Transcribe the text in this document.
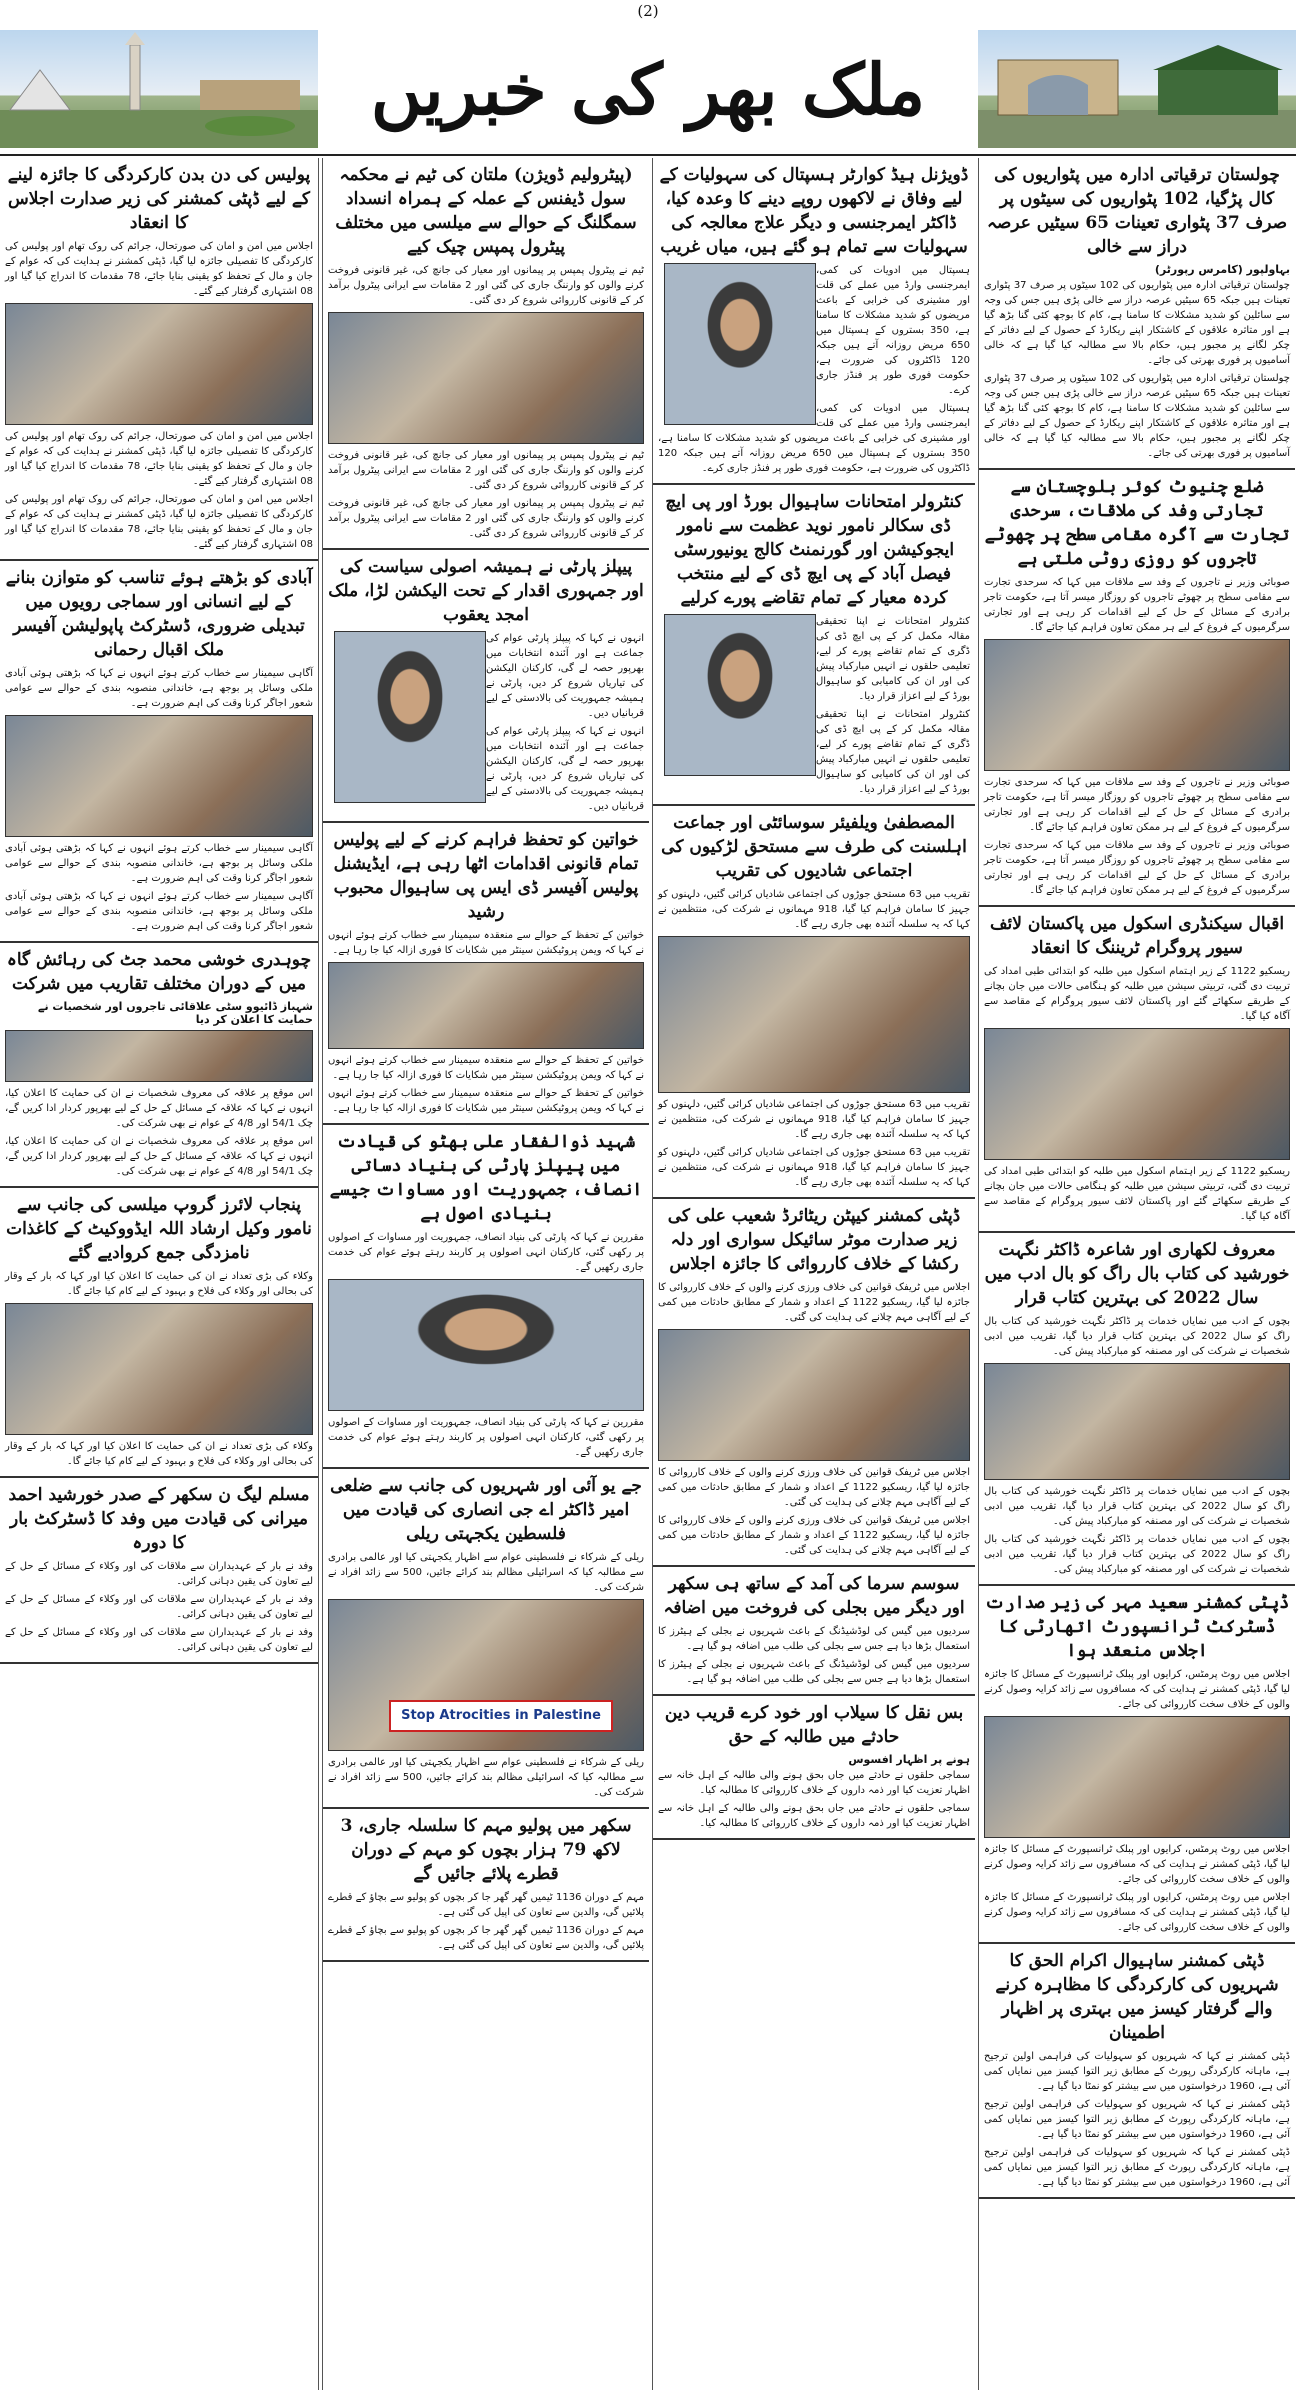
(2)
ملک بھر کی خبریں
چولستان ترقیاتی ادارہ میں پٹواریوں کی کال پڑگیا، 102 پٹواریوں کی سیٹوں پر صرف 37 پٹواری تعینات 65 سیٹیں عرصہ دراز سے خالی
بہاولپور (کامرس رپورٹر)

چولستان ترقیاتی ادارہ میں پٹواریوں کی 102 سیٹوں پر صرف 37 پٹواری تعینات ہیں جبکہ 65 سیٹیں عرصہ دراز سے خالی پڑی ہیں جس کی وجہ سے سائلین کو شدید مشکلات کا سامنا ہے، کام کا بوجھ کئی گنا بڑھ گیا ہے اور متاثرہ علاقوں کے کاشتکار اپنے ریکارڈ کے حصول کے لیے دفاتر کے چکر لگانے پر مجبور ہیں، حکام بالا سے مطالبہ کیا گیا ہے کہ خالی آسامیوں پر فوری بھرتی کی جائے۔

چولستان ترقیاتی ادارہ میں پٹواریوں کی 102 سیٹوں پر صرف 37 پٹواری تعینات ہیں جبکہ 65 سیٹیں عرصہ دراز سے خالی پڑی ہیں جس کی وجہ سے سائلین کو شدید مشکلات کا سامنا ہے، کام کا بوجھ کئی گنا بڑھ گیا ہے اور متاثرہ علاقوں کے کاشتکار اپنے ریکارڈ کے حصول کے لیے دفاتر کے چکر لگانے پر مجبور ہیں، حکام بالا سے مطالبہ کیا گیا ہے کہ خالی آسامیوں پر فوری بھرتی کی جائے۔

ضلع چنیوٹ کوئر بلوچستان سے تجارتی وفد کی ملاقات، سرحدی تجارت سے آگرہ مقامی سطح پر چھوٹے تاجروں کو روزی روٹی ملتی ہے

صوبائی وزیر نے تاجروں کے وفد سے ملاقات میں کہا کہ سرحدی تجارت سے مقامی سطح پر چھوٹے تاجروں کو روزگار میسر آتا ہے، حکومت تاجر برادری کے مسائل کے حل کے لیے اقدامات کر رہی ہے اور تجارتی سرگرمیوں کے فروغ کے لیے ہر ممکن تعاون فراہم کیا جائے گا۔

صوبائی وزیر نے تاجروں کے وفد سے ملاقات میں کہا کہ سرحدی تجارت سے مقامی سطح پر چھوٹے تاجروں کو روزگار میسر آتا ہے، حکومت تاجر برادری کے مسائل کے حل کے لیے اقدامات کر رہی ہے اور تجارتی سرگرمیوں کے فروغ کے لیے ہر ممکن تعاون فراہم کیا جائے گا۔

صوبائی وزیر نے تاجروں کے وفد سے ملاقات میں کہا کہ سرحدی تجارت سے مقامی سطح پر چھوٹے تاجروں کو روزگار میسر آتا ہے، حکومت تاجر برادری کے مسائل کے حل کے لیے اقدامات کر رہی ہے اور تجارتی سرگرمیوں کے فروغ کے لیے ہر ممکن تعاون فراہم کیا جائے گا۔

اقبال سیکنڈری اسکول میں پاکستان لائف سیور پروگرام ٹریننگ کا انعقاد

ریسکیو 1122 کے زیر اہتمام اسکول میں طلبہ کو ابتدائی طبی امداد کی تربیت دی گئی، تربیتی سیشن میں طلبہ کو ہنگامی حالات میں جان بچانے کے طریقے سکھائے گئے اور پاکستان لائف سیور پروگرام کے مقاصد سے آگاہ کیا گیا۔

ریسکیو 1122 کے زیر اہتمام اسکول میں طلبہ کو ابتدائی طبی امداد کی تربیت دی گئی، تربیتی سیشن میں طلبہ کو ہنگامی حالات میں جان بچانے کے طریقے سکھائے گئے اور پاکستان لائف سیور پروگرام کے مقاصد سے آگاہ کیا گیا۔

معروف لکھاری اور شاعرہ ڈاکٹر نگہت خورشید کی کتاب بال راگ کو بال ادب میں سال 2022 کی بہترین کتاب قرار

بچوں کے ادب میں نمایاں خدمات پر ڈاکٹر نگہت خورشید کی کتاب بال راگ کو سال 2022 کی بہترین کتاب قرار دیا گیا، تقریب میں ادبی شخصیات نے شرکت کی اور مصنفہ کو مبارکباد پیش کی۔

بچوں کے ادب میں نمایاں خدمات پر ڈاکٹر نگہت خورشید کی کتاب بال راگ کو سال 2022 کی بہترین کتاب قرار دیا گیا، تقریب میں ادبی شخصیات نے شرکت کی اور مصنفہ کو مبارکباد پیش کی۔

بچوں کے ادب میں نمایاں خدمات پر ڈاکٹر نگہت خورشید کی کتاب بال راگ کو سال 2022 کی بہترین کتاب قرار دیا گیا، تقریب میں ادبی شخصیات نے شرکت کی اور مصنفہ کو مبارکباد پیش کی۔

ڈپٹی کمشنر سعید مہر کی زیر صدارت ڈسٹرکٹ ٹرانسپورٹ اتھارٹی کا اجلاس منعقد ہوا

اجلاس میں روٹ پرمٹس، کرایوں اور پبلک ٹرانسپورٹ کے مسائل کا جائزہ لیا گیا، ڈپٹی کمشنر نے ہدایت کی کہ مسافروں سے زائد کرایہ وصول کرنے والوں کے خلاف سخت کارروائی کی جائے۔

اجلاس میں روٹ پرمٹس، کرایوں اور پبلک ٹرانسپورٹ کے مسائل کا جائزہ لیا گیا، ڈپٹی کمشنر نے ہدایت کی کہ مسافروں سے زائد کرایہ وصول کرنے والوں کے خلاف سخت کارروائی کی جائے۔

اجلاس میں روٹ پرمٹس، کرایوں اور پبلک ٹرانسپورٹ کے مسائل کا جائزہ لیا گیا، ڈپٹی کمشنر نے ہدایت کی کہ مسافروں سے زائد کرایہ وصول کرنے والوں کے خلاف سخت کارروائی کی جائے۔

ڈپٹی کمشنر ساہیوال اکرام الحق کا شہریوں کی کارکردگی کا مظاہرہ کرنے والے گرفتار کیسز میں بہتری پر اظہار اطمینان

ڈپٹی کمشنر نے کہا کہ شہریوں کو سہولیات کی فراہمی اولین ترجیح ہے، ماہانہ کارکردگی رپورٹ کے مطابق زیر التوا کیسز میں نمایاں کمی آئی ہے، 1960 درخواستوں میں سے بیشتر کو نمٹا دیا گیا ہے۔

ڈپٹی کمشنر نے کہا کہ شہریوں کو سہولیات کی فراہمی اولین ترجیح ہے، ماہانہ کارکردگی رپورٹ کے مطابق زیر التوا کیسز میں نمایاں کمی آئی ہے، 1960 درخواستوں میں سے بیشتر کو نمٹا دیا گیا ہے۔

ڈپٹی کمشنر نے کہا کہ شہریوں کو سہولیات کی فراہمی اولین ترجیح ہے، ماہانہ کارکردگی رپورٹ کے مطابق زیر التوا کیسز میں نمایاں کمی آئی ہے، 1960 درخواستوں میں سے بیشتر کو نمٹا دیا گیا ہے۔

ڈویژنل ہیڈ کوارٹر ہسپتال کی سہولیات کے لیے وفاق نے لاکھوں روپے دینے کا وعدہ کیا، ڈاکٹر ایمرجنسی و دیگر علاج معالجہ کی سہولیات سے تمام ہو گئے ہیں، میاں غریب

ہسپتال میں ادویات کی کمی، ایمرجنسی وارڈ میں عملے کی قلت اور مشینری کی خرابی کے باعث مریضوں کو شدید مشکلات کا سامنا ہے، 350 بستروں کے ہسپتال میں 650 مریض روزانہ آتے ہیں جبکہ 120 ڈاکٹروں کی ضرورت ہے، حکومت فوری طور پر فنڈز جاری کرے۔

ہسپتال میں ادویات کی کمی، ایمرجنسی وارڈ میں عملے کی قلت اور مشینری کی خرابی کے باعث مریضوں کو شدید مشکلات کا سامنا ہے، 350 بستروں کے ہسپتال میں 650 مریض روزانہ آتے ہیں جبکہ 120 ڈاکٹروں کی ضرورت ہے، حکومت فوری طور پر فنڈز جاری کرے۔

کنٹرولر امتحانات ساہیوال بورڈ اور پی ایچ ڈی سکالر نامور نوید عظمت سے نامور ایجوکیشن اور گورنمنٹ کالج یونیورسٹی فیصل آباد کے پی ایچ ڈی کے لیے منتخب کردہ معیار کے تمام تقاضے پورے کرلیے

کنٹرولر امتحانات نے اپنا تحقیقی مقالہ مکمل کر کے پی ایچ ڈی کی ڈگری کے تمام تقاضے پورے کر لیے، تعلیمی حلقوں نے انہیں مبارکباد پیش کی اور ان کی کامیابی کو ساہیوال بورڈ کے لیے اعزاز قرار دیا۔

کنٹرولر امتحانات نے اپنا تحقیقی مقالہ مکمل کر کے پی ایچ ڈی کی ڈگری کے تمام تقاضے پورے کر لیے، تعلیمی حلقوں نے انہیں مبارکباد پیش کی اور ان کی کامیابی کو ساہیوال بورڈ کے لیے اعزاز قرار دیا۔

المصطفیٰ ویلفیئر سوسائٹی اور جماعت اہلسنت کی طرف سے مستحق لڑکیوں کی اجتماعی شادیوں کی تقریب

تقریب میں 63 مستحق جوڑوں کی اجتماعی شادیاں کرائی گئیں، دلہنوں کو جہیز کا سامان فراہم کیا گیا، 918 مہمانوں نے شرکت کی، منتظمین نے کہا کہ یہ سلسلہ آئندہ بھی جاری رہے گا۔

تقریب میں 63 مستحق جوڑوں کی اجتماعی شادیاں کرائی گئیں، دلہنوں کو جہیز کا سامان فراہم کیا گیا، 918 مہمانوں نے شرکت کی، منتظمین نے کہا کہ یہ سلسلہ آئندہ بھی جاری رہے گا۔

تقریب میں 63 مستحق جوڑوں کی اجتماعی شادیاں کرائی گئیں، دلہنوں کو جہیز کا سامان فراہم کیا گیا، 918 مہمانوں نے شرکت کی، منتظمین نے کہا کہ یہ سلسلہ آئندہ بھی جاری رہے گا۔

ڈپٹی کمشنر کیپٹن ریٹائرڈ شعیب علی کی زیر صدارت موٹر سائیکل سواری اور دلہ رکشا کے خلاف کارروائی کا جائزہ اجلاس

اجلاس میں ٹریفک قوانین کی خلاف ورزی کرنے والوں کے خلاف کارروائی کا جائزہ لیا گیا، ریسکیو 1122 کے اعداد و شمار کے مطابق حادثات میں کمی کے لیے آگاہی مہم چلانے کی ہدایت کی گئی۔

اجلاس میں ٹریفک قوانین کی خلاف ورزی کرنے والوں کے خلاف کارروائی کا جائزہ لیا گیا، ریسکیو 1122 کے اعداد و شمار کے مطابق حادثات میں کمی کے لیے آگاہی مہم چلانے کی ہدایت کی گئی۔

اجلاس میں ٹریفک قوانین کی خلاف ورزی کرنے والوں کے خلاف کارروائی کا جائزہ لیا گیا، ریسکیو 1122 کے اعداد و شمار کے مطابق حادثات میں کمی کے لیے آگاہی مہم چلانے کی ہدایت کی گئی۔

سوسم سرما کی آمد کے ساتھ ہی سکھر اور دیگر میں بجلی کی فروخت میں اضافہ

سردیوں میں گیس کی لوڈشیڈنگ کے باعث شہریوں نے بجلی کے ہیٹرز کا استعمال بڑھا دیا ہے جس سے بجلی کی طلب میں اضافہ ہو گیا ہے۔

سردیوں میں گیس کی لوڈشیڈنگ کے باعث شہریوں نے بجلی کے ہیٹرز کا استعمال بڑھا دیا ہے جس سے بجلی کی طلب میں اضافہ ہو گیا ہے۔

بس نقل کا سیلاب اور خود کرے قریب دین حادثے میں طالبہ کے حق
ہونے پر اظہار افسوس

سماجی حلقوں نے حادثے میں جاں بحق ہونے والی طالبہ کے اہل خانہ سے اظہار تعزیت کیا اور ذمہ داروں کے خلاف کارروائی کا مطالبہ کیا۔

سماجی حلقوں نے حادثے میں جاں بحق ہونے والی طالبہ کے اہل خانہ سے اظہار تعزیت کیا اور ذمہ داروں کے خلاف کارروائی کا مطالبہ کیا۔

(پیٹرولیم ڈویژن) ملتان کی ٹیم نے محکمہ سول ڈیفنس کے عملہ کے ہمراہ انسداد سمگلنگ کے حوالے سے میلسی میں مختلف پیٹرول پمپس چیک کیے

ٹیم نے پیٹرول پمپس پر پیمانوں اور معیار کی جانچ کی، غیر قانونی فروخت کرنے والوں کو وارننگ جاری کی گئی اور 2 مقامات سے ایرانی پیٹرول برآمد کر کے قانونی کارروائی شروع کر دی گئی۔

ٹیم نے پیٹرول پمپس پر پیمانوں اور معیار کی جانچ کی، غیر قانونی فروخت کرنے والوں کو وارننگ جاری کی گئی اور 2 مقامات سے ایرانی پیٹرول برآمد کر کے قانونی کارروائی شروع کر دی گئی۔

ٹیم نے پیٹرول پمپس پر پیمانوں اور معیار کی جانچ کی، غیر قانونی فروخت کرنے والوں کو وارننگ جاری کی گئی اور 2 مقامات سے ایرانی پیٹرول برآمد کر کے قانونی کارروائی شروع کر دی گئی۔

پیپلز پارٹی نے ہمیشہ اصولی سیاست کی اور جمہوری اقدار کے تحت الیکشن لڑا، ملک امجد یعقوب

انہوں نے کہا کہ پیپلز پارٹی عوام کی جماعت ہے اور آئندہ انتخابات میں بھرپور حصہ لے گی، کارکنان الیکشن کی تیاریاں شروع کر دیں، پارٹی نے ہمیشہ جمہوریت کی بالادستی کے لیے قربانیاں دیں۔

انہوں نے کہا کہ پیپلز پارٹی عوام کی جماعت ہے اور آئندہ انتخابات میں بھرپور حصہ لے گی، کارکنان الیکشن کی تیاریاں شروع کر دیں، پارٹی نے ہمیشہ جمہوریت کی بالادستی کے لیے قربانیاں دیں۔

خواتین کو تحفظ فراہم کرنے کے لیے پولیس تمام قانونی اقدامات اٹھا رہی ہے، ایڈیشنل پولیس آفیسر ڈی ایس پی ساہیوال محبوب رشید

خواتین کے تحفظ کے حوالے سے منعقدہ سیمینار سے خطاب کرتے ہوئے انہوں نے کہا کہ ویمن پروٹیکشن سینٹر میں شکایات کا فوری ازالہ کیا جا رہا ہے۔

خواتین کے تحفظ کے حوالے سے منعقدہ سیمینار سے خطاب کرتے ہوئے انہوں نے کہا کہ ویمن پروٹیکشن سینٹر میں شکایات کا فوری ازالہ کیا جا رہا ہے۔

خواتین کے تحفظ کے حوالے سے منعقدہ سیمینار سے خطاب کرتے ہوئے انہوں نے کہا کہ ویمن پروٹیکشن سینٹر میں شکایات کا فوری ازالہ کیا جا رہا ہے۔

شہید ذوالفقار علی بھٹو کی قیادت میں پیپلز پارٹی کی بنیاد دساتی انصاف، جمہوریت اور مساوات جیسے بنیادی اصول ہے

مقررین نے کہا کہ پارٹی کی بنیاد انصاف، جمہوریت اور مساوات کے اصولوں پر رکھی گئی، کارکنان انہی اصولوں پر کاربند رہتے ہوئے عوام کی خدمت جاری رکھیں گے۔

مقررین نے کہا کہ پارٹی کی بنیاد انصاف، جمہوریت اور مساوات کے اصولوں پر رکھی گئی، کارکنان انہی اصولوں پر کاربند رہتے ہوئے عوام کی خدمت جاری رکھیں گے۔

جے یو آئی اور شہریوں کی جانب سے ضلعی امیر ڈاکٹر اے جی انصاری کی قیادت میں فلسطین یکجہتی ریلی

ریلی کے شرکاء نے فلسطینی عوام سے اظہار یکجہتی کیا اور عالمی برادری سے مطالبہ کیا کہ اسرائیلی مظالم بند کرائے جائیں، 500 سے زائد افراد نے شرکت کی۔

Stop Atrocities in Palestine

ریلی کے شرکاء نے فلسطینی عوام سے اظہار یکجہتی کیا اور عالمی برادری سے مطالبہ کیا کہ اسرائیلی مظالم بند کرائے جائیں، 500 سے زائد افراد نے شرکت کی۔

سکھر میں پولیو مہم کا سلسلہ جاری، 3 لاکھ 79 ہزار بچوں کو مہم کے دوران قطرے پلائے جائیں گے

مہم کے دوران 1136 ٹیمیں گھر گھر جا کر بچوں کو پولیو سے بچاؤ کے قطرے پلائیں گی، والدین سے تعاون کی اپیل کی گئی ہے۔

مہم کے دوران 1136 ٹیمیں گھر گھر جا کر بچوں کو پولیو سے بچاؤ کے قطرے پلائیں گی، والدین سے تعاون کی اپیل کی گئی ہے۔

پولیس کی دن بدن کارکردگی کا جائزہ لینے کے لیے ڈپٹی کمشنر کی زیر صدارت اجلاس کا انعقاد

اجلاس میں امن و امان کی صورتحال، جرائم کی روک تھام اور پولیس کی کارکردگی کا تفصیلی جائزہ لیا گیا، ڈپٹی کمشنر نے ہدایت کی کہ عوام کے جان و مال کے تحفظ کو یقینی بنایا جائے، 78 مقدمات کا اندراج کیا گیا اور 08 اشتہاری گرفتار کیے گئے۔

اجلاس میں امن و امان کی صورتحال، جرائم کی روک تھام اور پولیس کی کارکردگی کا تفصیلی جائزہ لیا گیا، ڈپٹی کمشنر نے ہدایت کی کہ عوام کے جان و مال کے تحفظ کو یقینی بنایا جائے، 78 مقدمات کا اندراج کیا گیا اور 08 اشتہاری گرفتار کیے گئے۔

اجلاس میں امن و امان کی صورتحال، جرائم کی روک تھام اور پولیس کی کارکردگی کا تفصیلی جائزہ لیا گیا، ڈپٹی کمشنر نے ہدایت کی کہ عوام کے جان و مال کے تحفظ کو یقینی بنایا جائے، 78 مقدمات کا اندراج کیا گیا اور 08 اشتہاری گرفتار کیے گئے۔

آبادی کو بڑھتے ہوئے تناسب کو متوازن بنانے کے لیے انسانی اور سماجی رویوں میں تبدیلی ضروری، ڈسٹرکٹ پاپولیشن آفیسر ملک اقبال رحمانی

آگاہی سیمینار سے خطاب کرتے ہوئے انہوں نے کہا کہ بڑھتی ہوئی آبادی ملکی وسائل پر بوجھ ہے، خاندانی منصوبہ بندی کے حوالے سے عوامی شعور اجاگر کرنا وقت کی اہم ضرورت ہے۔

آگاہی سیمینار سے خطاب کرتے ہوئے انہوں نے کہا کہ بڑھتی ہوئی آبادی ملکی وسائل پر بوجھ ہے، خاندانی منصوبہ بندی کے حوالے سے عوامی شعور اجاگر کرنا وقت کی اہم ضرورت ہے۔

آگاہی سیمینار سے خطاب کرتے ہوئے انہوں نے کہا کہ بڑھتی ہوئی آبادی ملکی وسائل پر بوجھ ہے، خاندانی منصوبہ بندی کے حوالے سے عوامی شعور اجاگر کرنا وقت کی اہم ضرورت ہے۔

چوہدری خوشی محمد جٹ کی رہائش گاہ میں کے دوران مختلف تقاریب میں شرکت
شہباز ڈائیوو سٹی علاقائی تاجروں اور شخصیات نے حمایت کا اعلان کر دیا

اس موقع پر علاقہ کی معروف شخصیات نے ان کی حمایت کا اعلان کیا، انہوں نے کہا کہ علاقہ کے مسائل کے حل کے لیے بھرپور کردار ادا کریں گے، چک 54/1 اور 4/8 کے عوام نے بھی شرکت کی۔

اس موقع پر علاقہ کی معروف شخصیات نے ان کی حمایت کا اعلان کیا، انہوں نے کہا کہ علاقہ کے مسائل کے حل کے لیے بھرپور کردار ادا کریں گے، چک 54/1 اور 4/8 کے عوام نے بھی شرکت کی۔

پنجاب لائرز گروپ میلسی کی جانب سے نامور وکیل ارشاد اللہ ایڈووکیٹ کے کاغذات نامزدگی جمع کروادیے گئے

وکلاء کی بڑی تعداد نے ان کی حمایت کا اعلان کیا اور کہا کہ بار کے وقار کی بحالی اور وکلاء کی فلاح و بہبود کے لیے کام کیا جائے گا۔

وکلاء کی بڑی تعداد نے ان کی حمایت کا اعلان کیا اور کہا کہ بار کے وقار کی بحالی اور وکلاء کی فلاح و بہبود کے لیے کام کیا جائے گا۔

مسلم لیگ ن سکھر کے صدر خورشید احمد میرانی کی قیادت میں وفد کا ڈسٹرکٹ بار کا دورہ

وفد نے بار کے عہدیداران سے ملاقات کی اور وکلاء کے مسائل کے حل کے لیے تعاون کی یقین دہانی کرائی۔

وفد نے بار کے عہدیداران سے ملاقات کی اور وکلاء کے مسائل کے حل کے لیے تعاون کی یقین دہانی کرائی۔

وفد نے بار کے عہدیداران سے ملاقات کی اور وکلاء کے مسائل کے حل کے لیے تعاون کی یقین دہانی کرائی۔
